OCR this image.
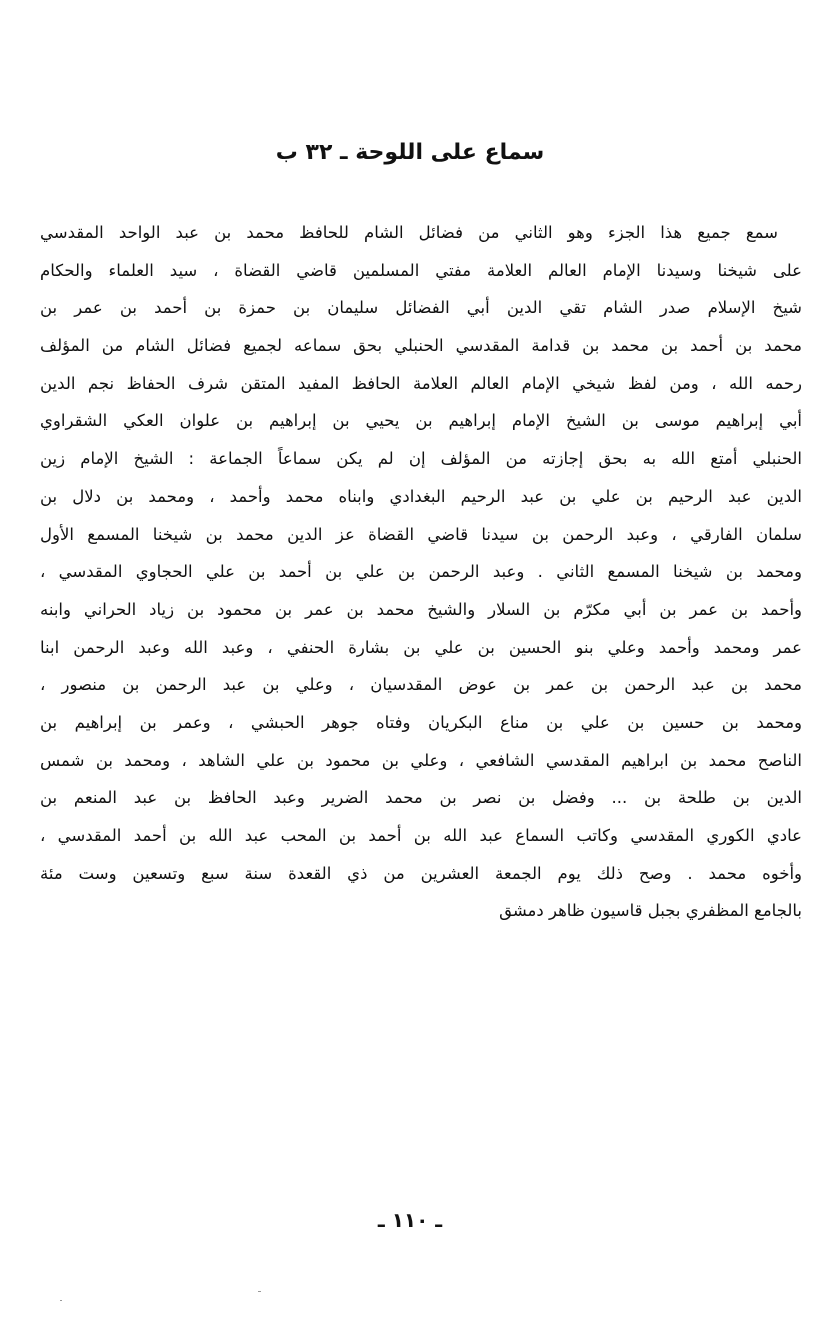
سماع على اللوحة ـ ٣٢ ب
سمع جميع هذا الجزء وهو الثاني من فضائل الشام للحافظ محمد بن عبد الواحد المقدسي
على شيخنا وسيدنا الإمام العالم العلامة مفتي المسلمين قاضي القضاة ، سيد العلماء والحكام
شيخ الإسلام صدر الشام تقي الدين أبي الفضائل سليمان بن حمزة بن أحمد بن عمر بن
محمد بن أحمد بن محمد بن قدامة المقدسي الحنبلي بحق سماعه لجميع فضائل الشام من المؤلف
رحمه الله ، ومن لفظ شيخي الإمام العالم العلامة الحافظ المفيد المتقن شرف الحفاظ نجم الدين
أبي إبراهيم موسى بن الشيخ الإمام إبراهيم بن يحيي بن إبراهيم بن علوان العكي الشقراوي
الحنبلي أمتع الله به بحق إجازته من المؤلف إن لم يكن سماعاً الجماعة : الشيخ الإمام زين
الدين عبد الرحيم بن علي بن عبد الرحيم البغدادي وابناه محمد وأحمد ، ومحمد بن دلال بن
سلمان الفارقي ، وعبد الرحمن بن سيدنا قاضي القضاة عز الدين محمد بن شيخنا المسمع الأول
ومحمد بن شيخنا المسمع الثاني . وعبد الرحمن بن علي بن أحمد بن علي الحجاوي المقدسي ،
وأحمد بن عمر بن أبي مكرّم بن السلار والشيخ محمد بن عمر بن محمود بن زياد الحراني وابنه
عمر ومحمد وأحمد وعلي بنو الحسين بن علي بن بشارة الحنفي ، وعبد الله وعبد الرحمن ابنا
محمد بن عبد الرحمن بن عمر بن عوض المقدسيان ، وعلي بن عبد الرحمن بن منصور ،
ومحمد بن حسين بن علي بن مناع البكريان وفتاه جوهر الحبشي ، وعمر بن إبراهيم بن
الناصح محمد بن ابراهيم المقدسي الشافعي ، وعلي بن محمود بن علي الشاهد ، ومحمد بن شمس
الدين بن طلحة بن ... وفضل بن نصر بن محمد الضرير وعبد الحافظ بن عبد المنعم بن
عادي الكوري المقدسي وكاتب السماع عبد الله بن أحمد بن المحب عبد الله بن أحمد المقدسي ،
وأخوه محمد . وصح ذلك يوم الجمعة العشرين من ذي القعدة سنة سبع وتسعين وست مئة
بالجامع المظفري بجبل قاسيون ظاهر دمشق
ـ ١١٠ ـ
